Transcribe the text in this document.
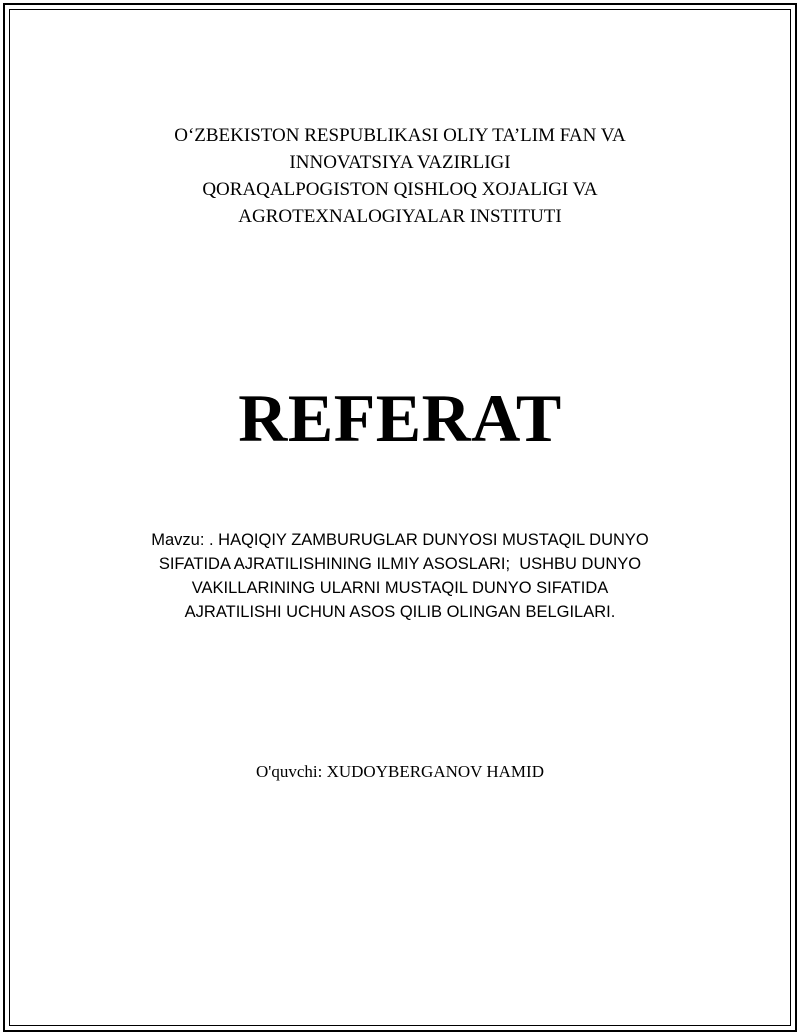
O‘ZBEKISTON RESPUBLIKASI OLIY TA’LIM FAN VA
INNOVATSIYA VAZIRLIGI
QORAQALPOGISTON QISHLOQ XOJALIGI VA
AGROTEXNALOGIYALAR INSTITUTI
REFERAT
Mavzu: . HAQIQIY ZAMBURUGLAR DUNYOSI MUSTAQIL DUNYO
SIFATIDA AJRATILISHINING ILMIY ASOSLARI;  USHBU DUNYO
VAKILLARINING ULARNI MUSTAQIL DUNYO SIFATIDA
AJRATILISHI UCHUN ASOS QILIB OLINGAN BELGILARI.
O'quvchi: XUDOYBERGANOV HAMID
